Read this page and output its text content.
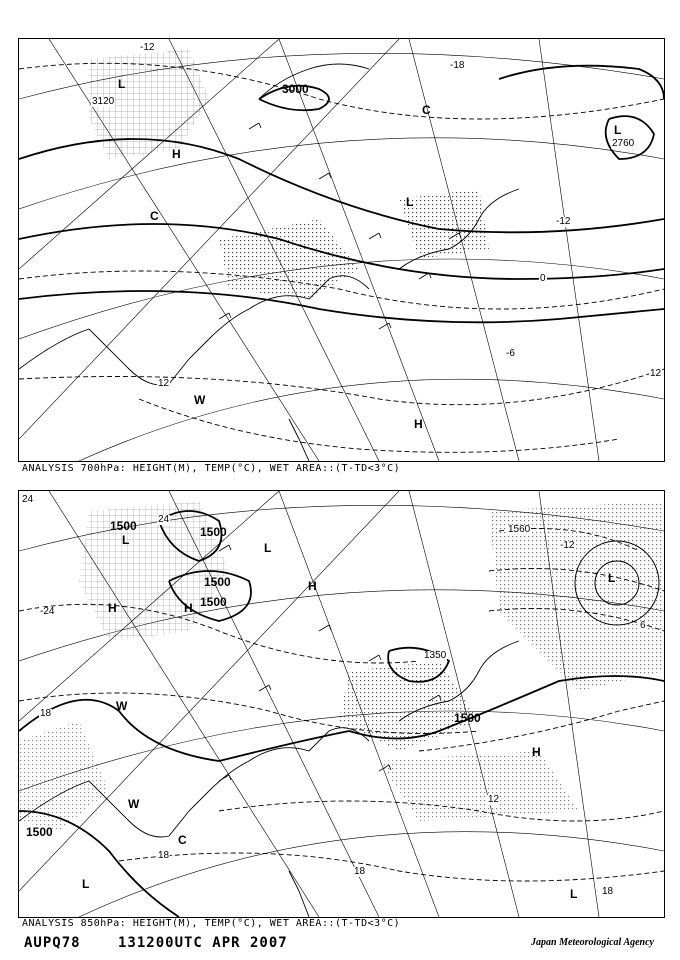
3000
3120
2760
-12
-6
0
-18
12
-12
12
L
H
C
L
C
L
W
H
ANALYSIS 700hPa: HEIGHT(M), TEMP(°C), WET AREA::(T-TD<3°C)
1500	1500
1500
1500
1350
1500
1500
1560
24
24
-24
18
18
12
-12
18
18
6
L
H	H
L
H
W
W
C
L
H
L
L
ANALYSIS 850hPa: HEIGHT(M), TEMP(°C), WET AREA::(T-TD<3°C)
AUPQ78	131200UTC APR 2007	Japan Meteorological Agency
